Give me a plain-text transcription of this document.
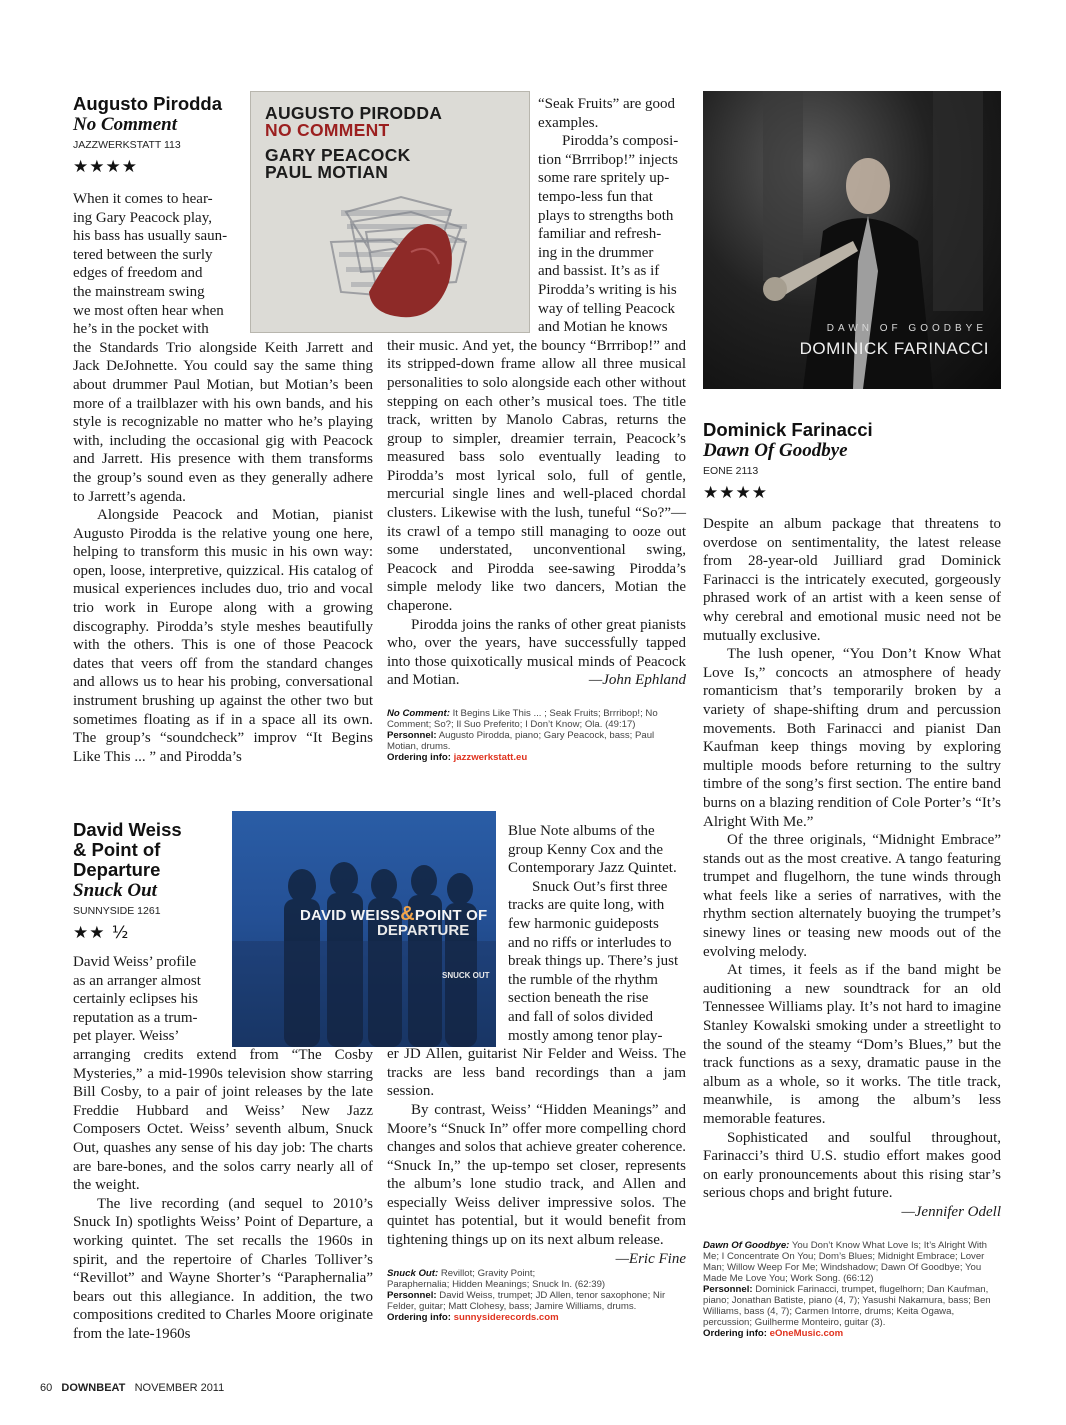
Augusto Pirodda
No Comment
JAZZWERKSTATT 113
★★★★
AUGUSTO PIRODDA
NO COMMENT
GARY PEACOCK
PAUL MOTIAN

When it comes to hear-
ing Gary Peacock play,
his bass has usually saun-
tered between the surly
edges of freedom and
the mainstream swing
we most often hear when
he’s in the pocket with

the Standards Trio alongside Keith Jarrett and Jack DeJohnette. You could say the same thing about drummer Paul Motian, but Motian’s been more of a trailblazer with his own bands, and his style is recognizable no matter who he’s playing with, including the occasional gig with Peacock and Jarrett. His presence with them transforms the group’s sound even as they generally adhere to Jarrett’s agenda.

Alongside Peacock and Motian, pianist Augusto Pirodda is the relative young one here, helping to transform this music in his own way: open, loose, interpretive, quizzical. His catalog of musical experiences includes duo, trio and vocal trio work in Europe along with a growing discography. Pirodda’s style meshes beautifully with the others. This is one of those Peacock dates that veers off from the standard changes and allows us to hear his probing, conversational instrument brushing up against the other two but sometimes floating as if in a space all its own. The group’s “soundcheck” improv “It Begins Like This ... ” and Pirodda’s

“Seak Fruits” are good
examples.
Pirodda’s composi-
tion “Brrribop!” injects
some rare spritely up-
tempo-less fun that
plays to strengths both
familiar and refresh-
ing in the drummer
and bassist. It’s as if
Pirodda’s writing is his
way of telling Peacock
and Motian he knows

their music. And yet, the bouncy “Brrribop!” and its stripped-down frame allow all three musical personalities to solo alongside each other without stepping on each other’s musical toes. The title track, written by Manolo Cabras, returns the group to simpler, dreamier terrain, Peacock’s measured bass solo eventually leading to Pirodda’s most lyrical solo, full of gentle, mercurial single lines and well-placed chordal clusters. Likewise with the lush, tuneful “So?”—its crawl of a tempo still managing to ooze out some understated, unconventional swing, Peacock and Pirodda see-sawing Pirodda’s simple melody like two dancers, Motian the chaperone.

Pirodda joins the ranks of other great pianists who, over the years, have successfully tapped into those quixotically musical minds of Peacock and Motian.	—John Ephland

No Comment: It Begins Like This ... ; Seak Fruits; Brrribop!; No Comment; So?; Il Suo Preferito; I Don’t Know; Ola. (49:17)
Personnel: Augusto Pirodda, piano; Gary Peacock, bass; Paul Motian, drums.
Ordering info: jazzwerkstatt.eu
DAWN OF GOODBYE
DOMINICK FARINACCI
Dominick Farinacci
Dawn Of Goodbye
EONE 2113
★★★★

Despite an album package that threatens to overdose on sentimentality, the latest release from 28-year-old Juilliard grad Dominick Farinacci is the intricately executed, gorgeously phrased work of an artist with a keen sense of why cerebral and emotional music need not be mutually exclusive.

The lush opener, “You Don’t Know What Love Is,” concocts an atmosphere of heady romanticism that’s temporarily broken by a variety of shape-shifting drum and percussion movements. Both Farinacci and pianist Dan Kaufman keep things moving by exploring multiple moods before returning to the sultry timbre of the song’s first section. The entire band burns on a blazing rendition of Cole Porter’s “It’s Alright With Me.”

Of the three originals, “Midnight Embrace” stands out as the most creative. A tango featuring trumpet and flugelhorn, the tune winds through what feels like a series of narratives, with the rhythm section alternately buoying the trumpet’s sinewy lines or teasing new moods out of the evolving melody.

At times, it feels as if the band might be auditioning a new soundtrack for an old Tennessee Williams play. It’s not hard to imagine Stanley Kowalski smoking under a streetlight to the sound of the steamy “Dom’s Blues,” but the track functions as a sexy, dramatic pause in the album as a whole, so it works. The title track, meanwhile, is among the album’s less memorable features.

Sophisticated and soulful throughout, Farinacci’s third U.S. studio effort makes good on early pronouncements about this rising star’s serious chops and bright future.

—Jennifer Odell
Dawn Of Goodbye: You Don’t Know What Love Is; It’s Alright With Me; I Concentrate On You; Dom’s Blues; Midnight Embrace; Lover Man; Willow Weep For Me; Windshadow; Dawn Of Goodbye; You Made Me Love You; Work Song. (66:12)
Personnel: Dominick Farinacci, trumpet, flugelhorn; Dan Kaufman, piano; Jonathan Batiste, piano (4, 7); Yasushi Nakamura, bass; Ben Williams, bass (4, 7); Carmen Intorre, drums; Keita Ogawa, percussion; Guilherme Monteiro, guitar (3).
Ordering info: eOneMusic.com
David Weiss
& Point of
Departure
Snuck Out
SUNNYSIDE 1261
★★ ½
DAVID WEISS&POINT OF
DEPARTURE
SNUCK OUT

David Weiss’ profile
as an arranger almost
certainly eclipses his
reputation as a trum-
pet player. Weiss’

arranging credits extend from “The Cosby Mysteries,” a mid-1990s television show starring Bill Cosby, to a pair of joint releases by the late Freddie Hubbard and Weiss’ New Jazz Composers Octet. Weiss’ seventh album, Snuck Out, quashes any sense of his day job: The charts are bare-bones, and the solos carry nearly all of the weight.

The live recording (and sequel to 2010’s Snuck In) spotlights Weiss’ Point of Departure, a working quintet. The set recalls the 1960s in spirit, and the repertoire of Charles Tolliver’s “Revillot” and Wayne Shorter’s “Paraphernalia” bears out this allegiance. In addition, the two compositions credited to Charles Moore originate from the late-1960s

Blue Note albums of the
group Kenny Cox and the
Contemporary Jazz Quintet.
Snuck Out’s first three
tracks are quite long, with
few harmonic guideposts
and no riffs or interludes to
break things up. There’s just
the rumble of the rhythm
section beneath the rise
and fall of solos divided
mostly among tenor play-

er JD Allen, guitarist Nir Felder and Weiss. The tracks are less band recordings than a jam session.

By contrast, Weiss’ “Hidden Meanings” and Moore’s “Snuck In” offer more compelling chord changes and solos that achieve greater coherence. “Snuck In,” the up-tempo set closer, represents the album’s lone studio track, and Allen and especially Weiss deliver impressive solos. The quintet has potential, but it would benefit from tightening things up on its next album release.
—Eric Fine

Snuck Out: Revillot; Gravity Point; Paraphernalia; Hidden Meanings; Snuck In. (62:39)
Personnel: David Weiss, trumpet; JD Allen, tenor saxophone; Nir Felder, guitar; Matt Clohesy, bass; Jamire Williams, drums.
Ordering info: sunnysiderecords.com
60 DOWNBEAT NOVEMBER 2011
